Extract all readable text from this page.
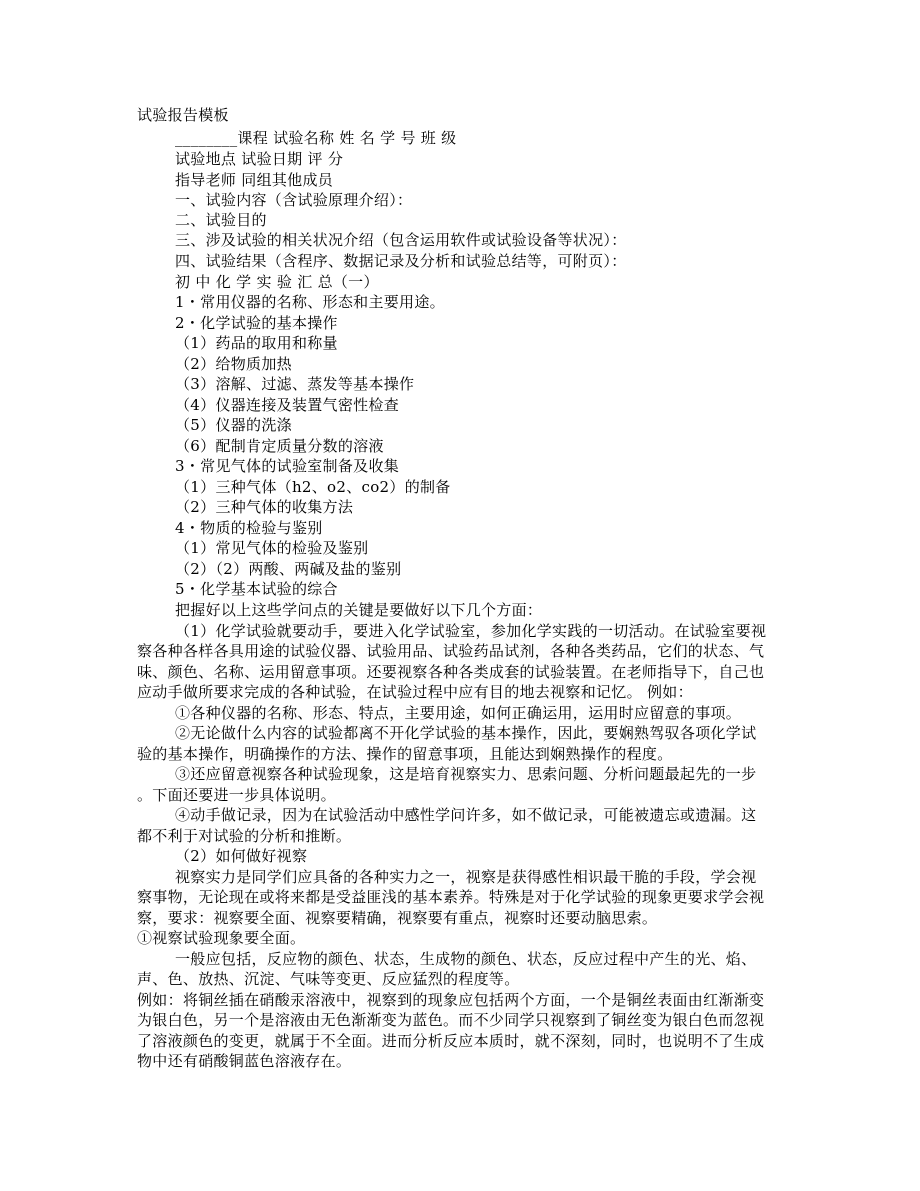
试验报告模板
________课程 试验名称 姓 名 学 号 班 级
试验地点 试验日期 评 分
指导老师 同组其他成员
一、试验内容（含试验原理介绍）：
二、试验目的
三、涉及试验的相关状况介绍（包含运用软件或试验设备等状况）：
四、试验结果（含程序、数据记录及分析和试验总结等，可附页）：
初 中 化 学 实 验 汇 总（一）
1・常用仪器的名称、形态和主要用途。
2・化学试验的基本操作
（1）药品的取用和称量
（2）给物质加热
（3）溶解、过滤、蒸发等基本操作
（4）仪器连接及装置气密性检查
（5）仪器的洗涤
（6）配制肯定质量分数的溶液
3・常见气体的试验室制备及收集
（1）三种气体（h2、o2、co2）的制备
（2）三种气体的收集方法
4・物质的检验与鉴别
（1）常见气体的检验及鉴别
（2）（2）两酸、两碱及盐的鉴别
5・化学基本试验的综合
把握好以上这些学问点的关键是要做好以下几个方面：
（1）化学试验就要动手，要进入化学试验室，参加化学实践的一切活动。在试验室要视
察各种各样各具用途的试验仪器、试验用品、试验药品试剂，各种各类药品，它们的状态、气
味、颜色、名称、运用留意事项。还要视察各种各类成套的试验装置。在老师指导下，自己也
应动手做所要求完成的各种试验，在试验过程中应有目的地去视察和记忆。 例如：
①各种仪器的名称、形态、特点，主要用途，如何正确运用，运用时应留意的事项。
②无论做什么内容的试验都离不开化学试验的基本操作，因此，要娴熟驾驭各项化学试
验的基本操作，明确操作的方法、操作的留意事项，且能达到娴熟操作的程度。
③还应留意视察各种试验现象，这是培育视察实力、思索问题、分析问题最起先的一步
。下面还要进一步具体说明。
④动手做记录，因为在试验活动中感性学问许多，如不做记录，可能被遗忘或遗漏。这
都不利于对试验的分析和推断。
（2）如何做好视察
视察实力是同学们应具备的各种实力之一，视察是获得感性相识最干脆的手段，学会视
察事物，无论现在或将来都是受益匪浅的基本素养。特殊是对于化学试验的现象更要求学会视
察，要求：视察要全面、视察要精确，视察要有重点，视察时还要动脑思索。
①视察试验现象要全面。
一般应包括，反应物的颜色、状态，生成物的颜色、状态，反应过程中产生的光、焰、
声、色、放热、沉淀、气味等变更、反应猛烈的程度等。
例如：将铜丝插在硝酸汞溶液中，视察到的现象应包括两个方面，一个是铜丝表面由红渐渐变
为银白色，另一个是溶液由无色渐渐变为蓝色。而不少同学只视察到了铜丝变为银白色而忽视
了溶液颜色的变更，就属于不全面。进而分析反应本质时，就不深刻，同时，也说明不了生成
物中还有硝酸铜蓝色溶液存在。
